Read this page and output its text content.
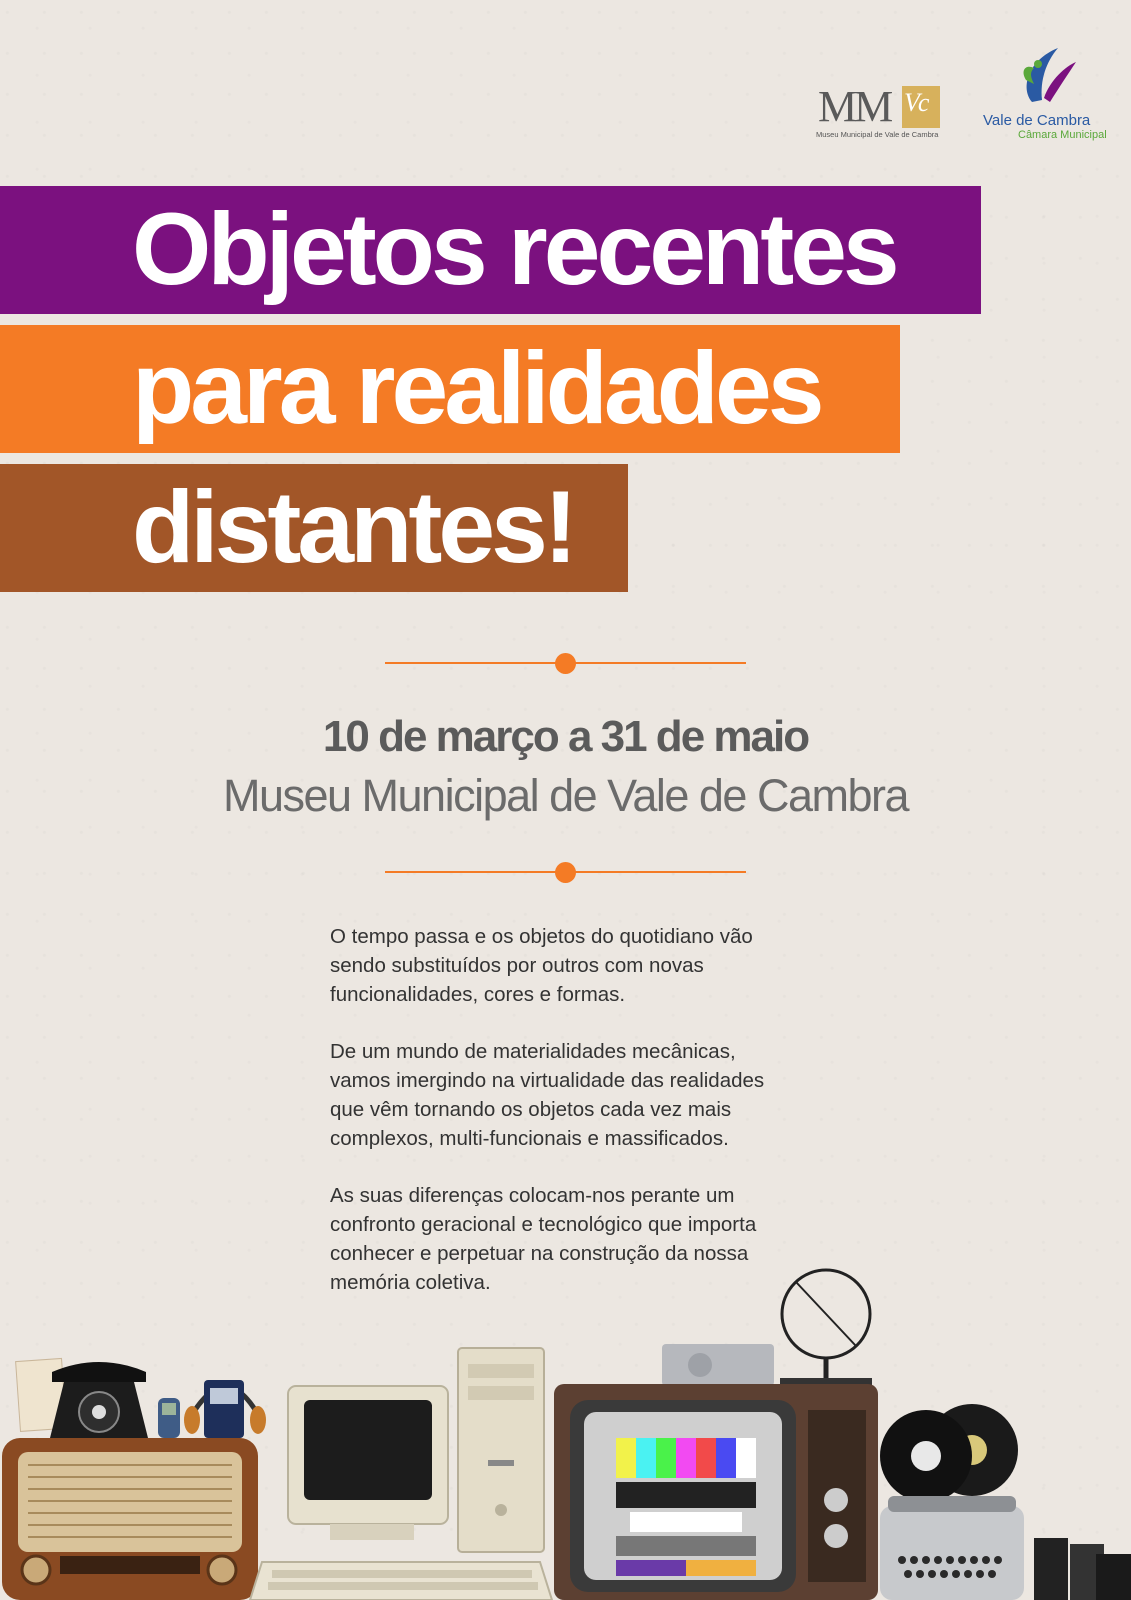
MM Vc
Museu Municipal de Vale de Cambra
Vale de Cambra
Câmara Municipal
Objetos recentes
para realidades
distantes!
10 de março a 31 de maio
Museu Municipal de Vale de Cambra

O tempo passa e os objetos do quotidiano vão
sendo substituídos por outros com novas
funcionalidades, cores e formas.

De um mundo de materialidades mecânicas,
vamos imergindo na virtualidade das realidades
que vêm tornando os objetos cada vez mais
complexos, multi-funcionais e massificados.

As suas diferenças colocam-nos perante um
confronto geracional e tecnológico que importa
conhecer e perpetuar na construção da nossa
memória coletiva.
